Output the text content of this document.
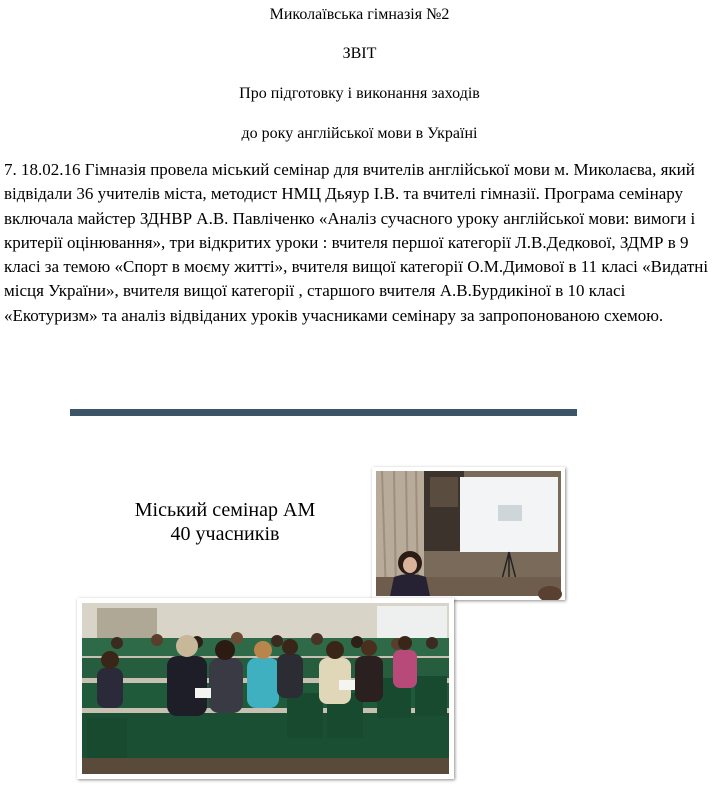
Миколаївська гімназія №2
ЗВІТ
Про підготовку і виконання заходів
до року англійської мови в Україні

7. 18.02.16 Гімназія провела міський семінар для вчителів англійської мови м. Миколаєва, який відвідали 36 учителів міста, методист НМЦ Дьяур І.В. та вчителі гімназії. Програма семінару включала майстер ЗДНВР А.В. Павліченко «Аналіз сучасного уроку англійської мови: вимоги і критерії оцінювання», три відкритих уроки : вчителя першої категорії Л.В.Дедкової, ЗДМР в 9 класі за темою «Спорт в моєму житті», вчителя вищої категорії О.М.Димової в 11 класі «Видатні місця України», вчителя вищої категорії , старшого вчителя А.В.Бурдикіної в 10 класі «Екотуризм» та аналіз відвіданих уроків учасниками семінару за запропонованою схемою.

Міський семінар АМ
40 учасників
